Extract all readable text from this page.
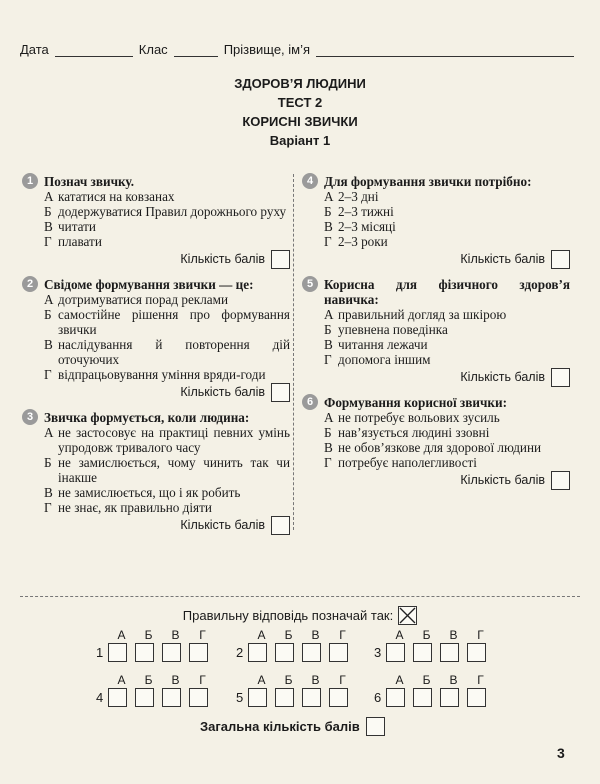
Дата	Клас	Прізвище, ім’я
ЗДОРОВ’Я ЛЮДИНИ
ТЕСТ 2
КОРИСНІ ЗВИЧКИ
Варіант 1
1 Познач звичку.
А кататися на ковзанах
Б додержуватися Правил дорожнього руху
В читати
Г плавати
Кількість балів
2 Свідоме формування звички — це:
А дотримуватися порад реклами
Б самостійне рішення про формування звички
В наслідування й повторення дій оточуючих
Г відпрацьовування уміння вряди-годи
Кількість балів
3 Звичка формується, коли людина:
А не застосовує на практиці певних умінь упродовж тривалого часу
Б не замислюється, чому чинить так чи інакше
В не замислюється, що і як робить
Г не знає, як правильно діяти
Кількість балів
4 Для формування звички потрібно:
А 2–3 дні
Б 2–3 тижні
В 2–3 місяці
Г 2–3 роки
Кількість балів
5 Корисна для фізичного здоров’я навичка:
А правильний догляд за шкірою
Б упевнена поведінка
В читання лежачи
Г допомога іншим
Кількість балів
6 Формування корисної звички:
А не потребує вольових зусиль
Б нав’язується людині ззовні
В не обов’язкове для здорової людини
Г потребує наполегливості
Кількість балів
Правильну відповідь позначай так:
А	Б	В	Г
1
А	Б	В	Г
2
А	Б	В	Г
3
А	Б	В	Г
4
А	Б	В	Г
5
А	Б	В	Г
6
Загальна кількість балів
3
